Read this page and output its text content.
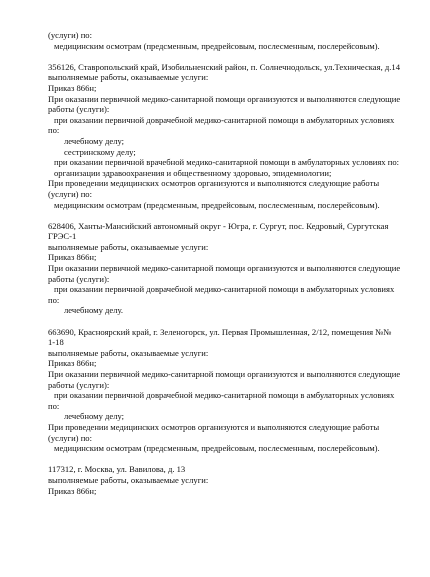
(услуги) по:
медицинским осмотрам (предсменным, предрейсовым, послесменным, послерейсовым).
356126, Ставропольский край, Изобильненский район, п. Солнечнодольск, ул.Техническая, д.14
выполняемые работы, оказываемые услуги:
Приказ 866н;
При оказании первичной медико-санитарной помощи организуются и выполняются следующие
работы (услуги):
при оказании первичной доврачебной медико-санитарной помощи в амбулаторных условиях
по:
лечебному делу;
сестринскому делу;
при оказании первичной врачебной медико-санитарной помощи в амбулаторных условиях по:
организации здравоохранения и общественному здоровью, эпидемиологии;
При проведении медицинских осмотров организуются и выполняются следующие работы
(услуги) по:
медицинским осмотрам (предсменным, предрейсовым, послесменным, послерейсовым).
628406, Ханты-Мансийский автономный округ - Югра, г. Сургут, пос. Кедровый, Сургутская
ГРЭС-1
выполняемые работы, оказываемые услуги:
Приказ 866н;
При оказании первичной медико-санитарной помощи организуются и выполняются следующие
работы (услуги):
при оказании первичной доврачебной медико-санитарной помощи в амбулаторных условиях
по:
лечебному делу.
663690, Красноярский край, г. Зеленогорск, ул. Первая Промышленная, 2/12, помещения №№
1-18
выполняемые работы, оказываемые услуги:
Приказ 866н;
При оказании первичной медико-санитарной помощи организуются и выполняются следующие
работы (услуги):
при оказании первичной доврачебной медико-санитарной помощи в амбулаторных условиях
по:
лечебному делу;
При проведении медицинских осмотров организуются и выполняются следующие работы
(услуги) по:
медицинским осмотрам (предсменным, предрейсовым, послесменным, послерейсовым).
117312, г. Москва, ул. Вавилова, д. 13
выполняемые работы, оказываемые услуги:
Приказ 866н;
